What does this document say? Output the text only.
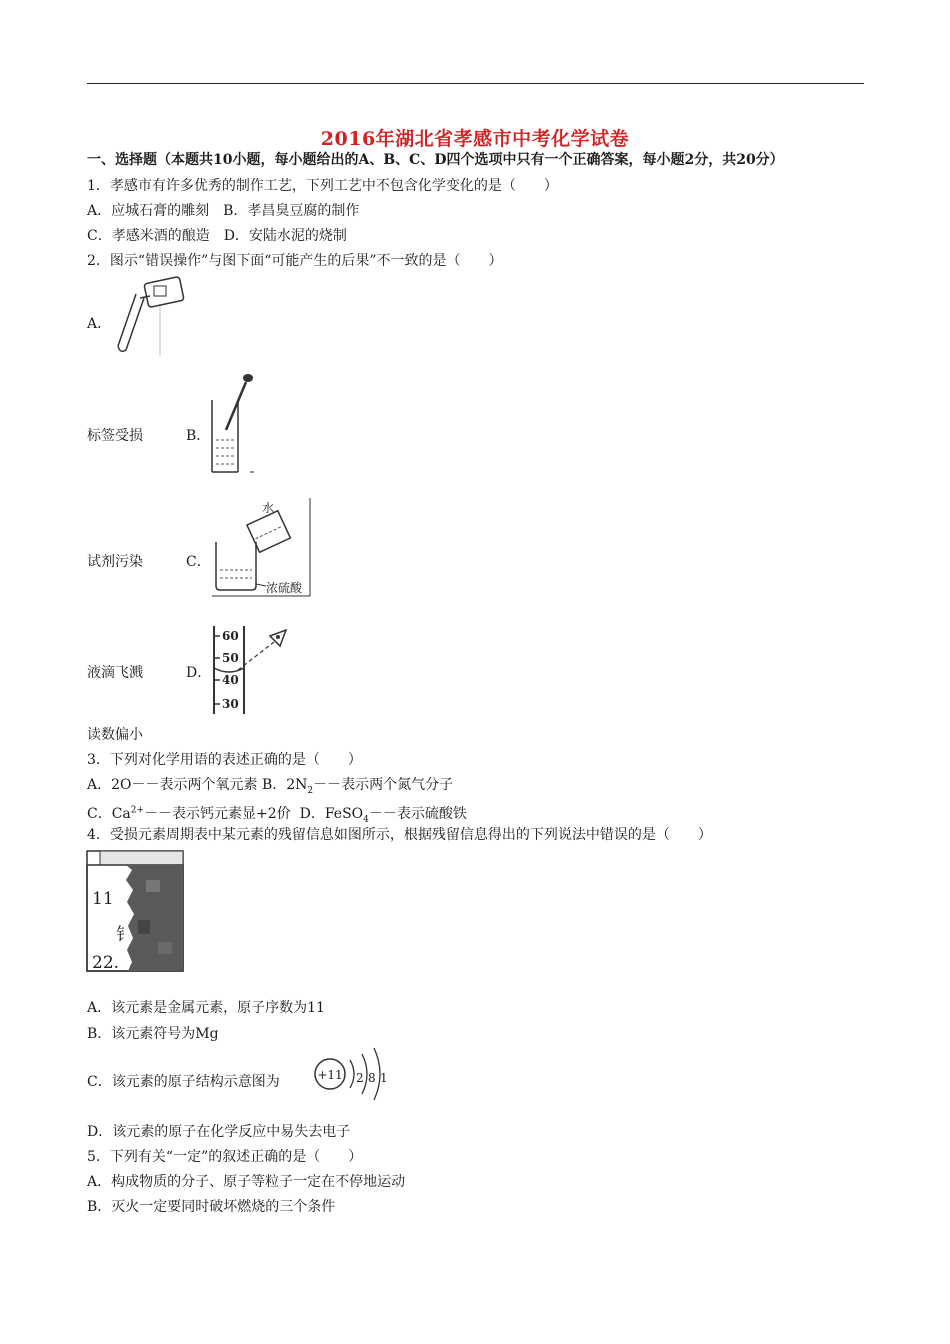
2016年湖北省孝感市中考化学试卷
一、选择题（本题共10小题，每小题给出的A、B、C、D四个选项中只有一个正确答案，每小题2分，共20分）
1．孝感市有许多优秀的制作工艺，下列工艺中不包含化学变化的是（　　）
A．应城石膏的雕刻　B．孝昌臭豆腐的制作
C．孝感米酒的酿造　D．安陆水泥的烧制
2．图示“错误操作”与图下面“可能产生的后果”不一致的是（　　）
A．
标签受损	B．
试剂污染	C．
水
浓硫酸
液滴飞溅	D．
60
50
40
30
读数偏小
3．下列对化学用语的表述正确的是（　　）
A．2O－－表示两个氧元素 B．$2N_2--$表示两个氮气分子
C．$Ca^{2+}--$表示钙元素显+2价 D．FeSO$_4$－－表示硫酸铁
4．受损元素周期表中某元素的残留信息如图所示，根据残留信息得出的下列说法中错误的是（　　）
11
钅
22.
A．该元素是金属元素，原子序数为11
B．该元素符号为Mg
C．该元素的原子结构示意图为	+11 2 8 1
D．该元素的原子在化学反应中易失去电子
5．下列有关“一定”的叙述正确的是（　　）
A．构成物质的分子、原子等粒子一定在不停地运动
B．灭火一定要同时破坏燃烧的三个条件
